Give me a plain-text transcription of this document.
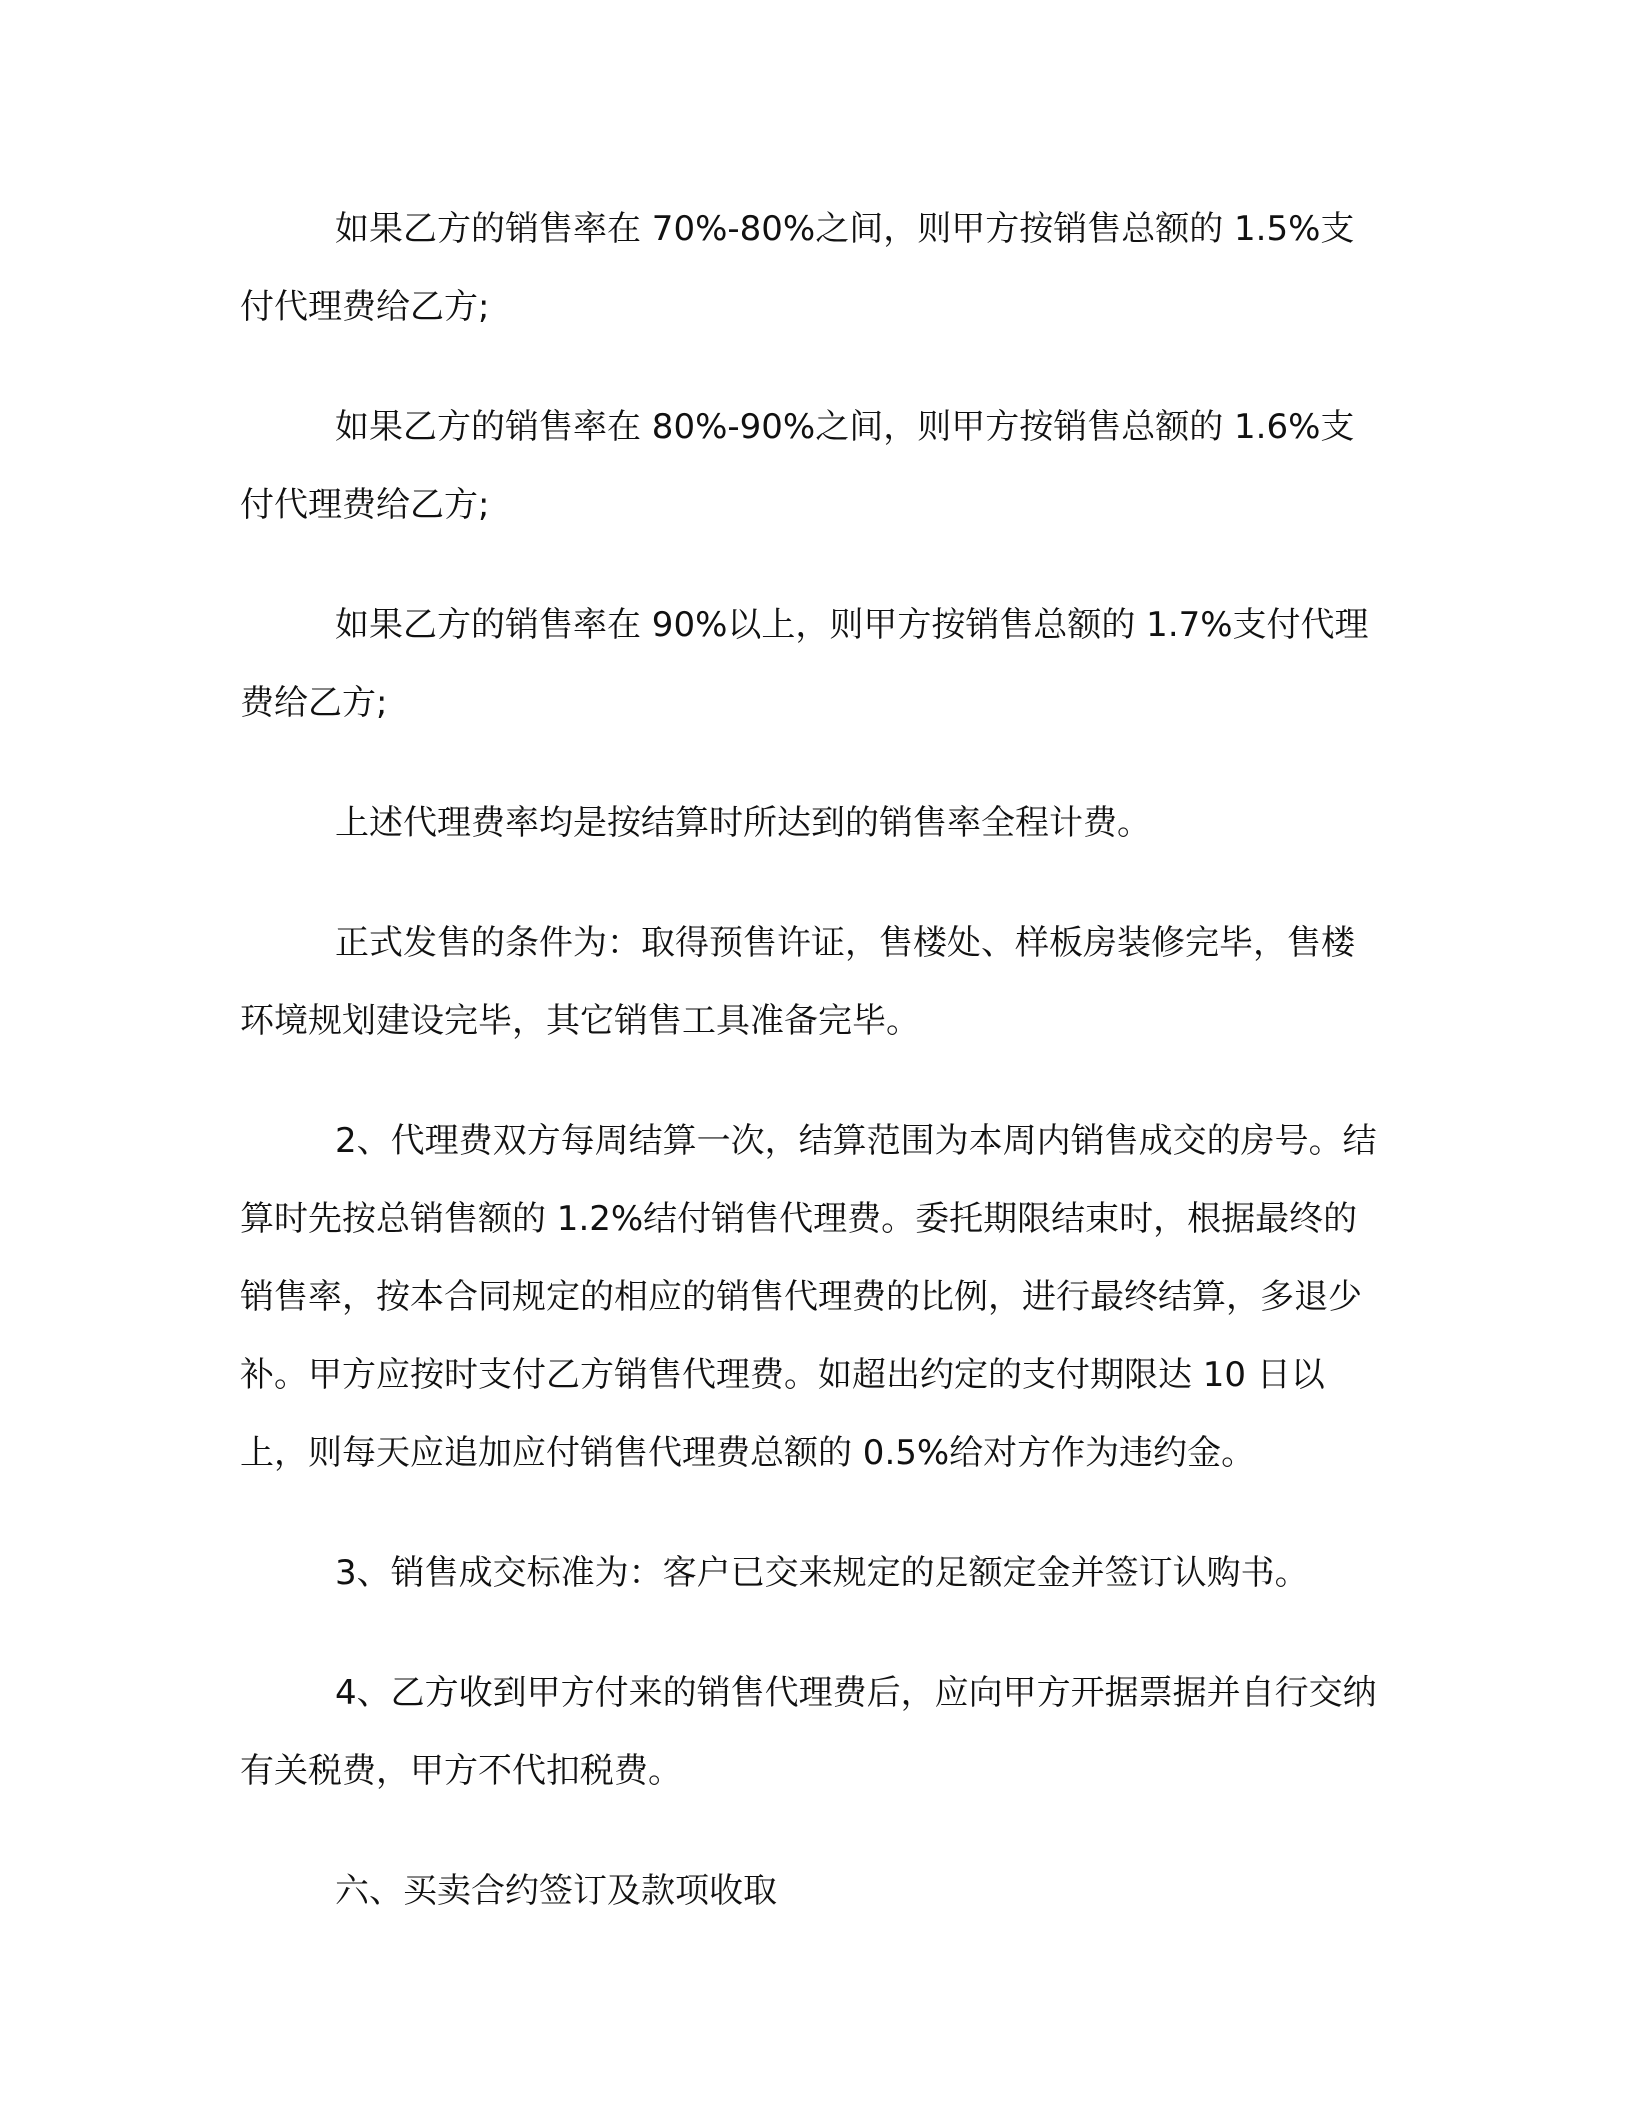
如果乙方的销售率在 70%-80%之间，则甲方按销售总额的 1.5%支付代理费给乙方;

如果乙方的销售率在 80%-90%之间，则甲方按销售总额的 1.6%支付代理费给乙方;

如果乙方的销售率在 90%以上，则甲方按销售总额的 1.7%支付代理费给乙方;

上述代理费率均是按结算时所达到的销售率全程计费。

正式发售的条件为：取得预售许证，售楼处、样板房装修完毕，售楼环境规划建设完毕，其它销售工具准备完毕。

2、代理费双方每周结算一次，结算范围为本周内销售成交的房号。结算时先按总销售额的 1.2%结付销售代理费。委托期限结束时，根据最终的销售率，按本合同规定的相应的销售代理费的比例，进行最终结算，多退少补。甲方应按时支付乙方销售代理费。如超出约定的支付期限达 10 日以上，则每天应追加应付销售代理费总额的 0.5%给对方作为违约金。

3、销售成交标准为：客户已交来规定的足额定金并签订认购书。

4、乙方收到甲方付来的销售代理费后，应向甲方开据票据并自行交纳有关税费，甲方不代扣税费。

六、买卖合约签订及款项收取
